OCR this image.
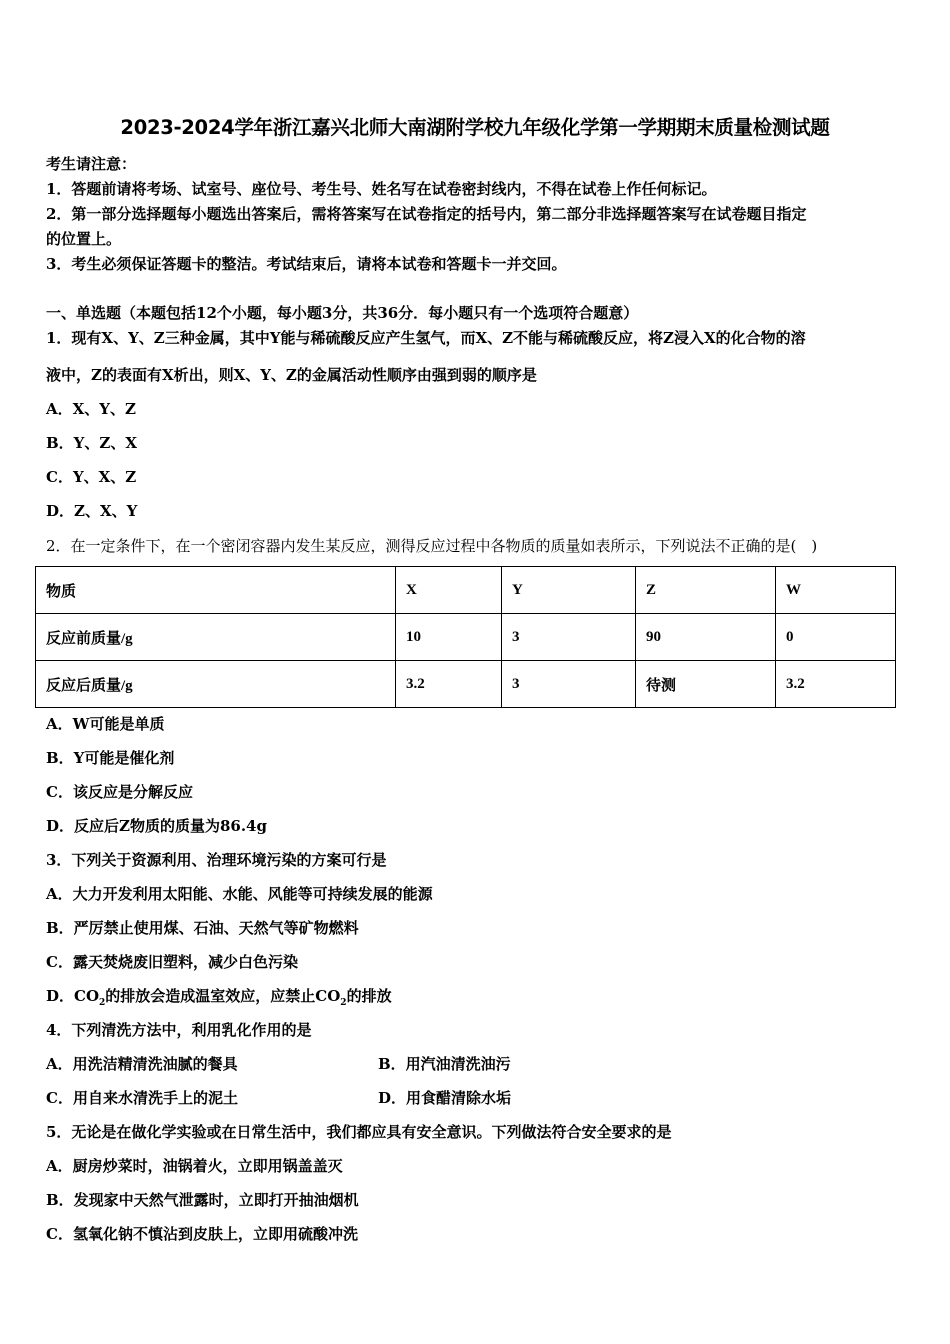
2023-2024学年浙江嘉兴北师大南湖附学校九年级化学第一学期期末质量检测试题
考生请注意：
1．答题前请将考场、试室号、座位号、考生号、姓名写在试卷密封线内，不得在试卷上作任何标记。
2．第一部分选择题每小题选出答案后，需将答案写在试卷指定的括号内，第二部分非选择题答案写在试卷题目指定
的位置上。
3．考生必须保证答题卡的整洁。考试结束后，请将本试卷和答题卡一并交回。
一、单选题（本题包括12个小题，每小题3分，共36分．每小题只有一个选项符合题意）
1．现有X、Y、Z三种金属，其中Y能与稀硫酸反应产生氢气，而X、Z不能与稀硫酸反应，将Z浸入X的化合物的溶
液中，Z的表面有X析出，则X、Y、Z的金属活动性顺序由强到弱的顺序是
A．X、Y、Z
B．Y、Z、X
C．Y、X、Z
D．Z、X、Y
2．在一定条件下，在一个密闭容器内发生某反应，测得反应过程中各物质的质量如表所示，下列说法不正确的是(　)
物质	X	Y	Z	W
反应前质量/g	10	3	90	0
反应后质量/g	3.2	3	待测	3.2
A．W可能是单质
B．Y可能是催化剂
C．该反应是分解反应
D．反应后Z物质的质量为86.4g
3．下列关于资源利用、治理环境污染的方案可行是
A．大力开发利用太阳能、水能、风能等可持续发展的能源
B．严厉禁止使用煤、石油、天然气等矿物燃料
C．露天焚烧废旧塑料，减少白色污染
D．$CO_2$的排放会造成温室效应，应禁止$CO_2$的排放
4．下列清洗方法中，利用乳化作用的是
A．用洗洁精清洗油腻的餐具	B．用汽油清洗油污
C．用自来水清洗手上的泥土	D．用食醋清除水垢
5．无论是在做化学实验或在日常生活中，我们都应具有安全意识。下列做法符合安全要求的是
A．厨房炒菜时，油锅着火，立即用锅盖盖灭
B．发现家中天然气泄露时，立即打开抽油烟机
C．氢氧化钠不慎沾到皮肤上，立即用硫酸冲洗
